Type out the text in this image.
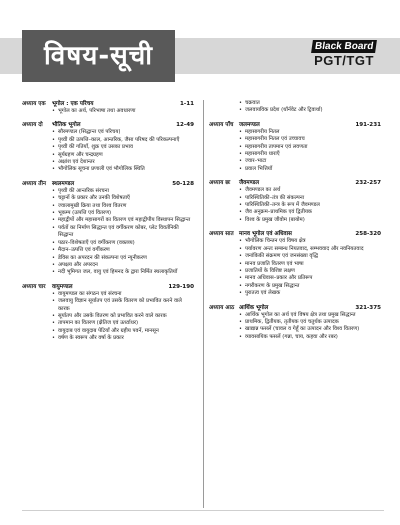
विषय-सूची	Black Board
PGT/TGT
अध्याय एक	भूगोल : एक परिचय	1-11
• भूगोल का अर्थ, परिभाषा तथा अवधारणा
अध्याय दो	भौतिक भूगोल	12-49
• सौरमण्डल (सिद्धान्त एवं परिचय)
• पृथ्वी की उत्पत्ति–काल, आन्तरिक, जैसा परिषद की परिकल्पनाएँ
• पृथ्वी की गतियाँ, शुक्र एवं उसका प्रभाव
• सूर्यग्रहण और चन्द्रग्रहण
• अक्षांश एवं देशान्तर
• भौगोलिक सूचना प्रणाली एवं भौगोलिक स्थिति
अध्याय तीन	स्थलमण्डल	50-128
• पृथ्वी की आन्तरिक संरचना
• चट्टानों के प्रकार और उनकी विशेषताएँ
• ज्वालामुखी क्रिया तथा विश्व वितरण
• भूकम्प (उत्पत्ति एवं वितरण)
• महाद्वीपों और महासागरों का वितरण एवं महाद्वीपीय विस्थापन सिद्धान्त
• पर्वतों का निर्माण सिद्धान्त एवं वर्गीकरण कोबर, प्लेट विवर्तनिकी सिद्धान्त
• पठार–विशेषताएँ एवं वर्गीकरण (वक्तव्य)
• मैदान–उत्पत्ति एवं वर्गीकरण
• डेविस का अपरदन की संकल्पना एवं न्यूनीकरण
• अपक्षय और अपरदन
• नदी भूमिगत जल, वायु एवं हिमनद के द्वारा निर्मित स्थलाकृतियाँ
अध्याय चार	वायुमण्डल	129-190
• वायुमण्डल का संगठन एवं संरचना
• जलवायु विज्ञान सूर्यातप एवं उसके वितरण को प्रभावित करने वाले कारक
• सूर्यातप और उसके वितरण को प्रभावित करने वाले कारक
• तापमान का वितरण (क्षैतिज एवं ऊर्ध्वाधर)
• वायुदाब एवं वायुदाब पेटियाँ और ग्रहीय पवनें, मानसून
• वर्षण के स्वरूप और वर्षा के प्रकार
• चक्रवात
• जलवायविक प्रदेश (थॉर्नवेट और ट्रिवार्था)
अध्याय पाँच जलमण्डल	191-231
• महासागरीय नितल
• महासागरीय नितल एवं उच्चावच
• महासागरीय तापमान एवं लवणता
• महासागरीय धाराएँ
• ज्वार–भाटा
• प्रवाल भित्तियाँ
अध्याय छः	जैवमण्डल	232-257
• जैवमण्डल का अर्थ
• पारिस्थितिकी–तंत्र की संकल्पना
• पारिस्थितिकी–तन्त्र के रूप में जैवमण्डल
• जैव अनुक्रम–प्राथमिक एवं द्वितीयक
• विश्व के प्रमुख जीवोम (बायोम)
अध्याय सात मानव भूगोल एवं अधिवास	258-320
• भौगोलिक चिन्तन एवं विषय क्षेत्र
• पर्यावरण अन्तः सम्बन्ध नियतवाद, सम्भववाद और नवनियतवाद
• जनांकिकी संक्रमण एवं जनसंख्या वृद्धि
• मानव प्रजाति वितरण एवं भाषा
• प्रजातियों के विशिष्ट लक्षण
• मानव अधिवास–प्रकार और प्रतिरूप
• नगरीकरण के प्रमुख सिद्धान्त
• पुरातत्व एवं लेखक
अध्याय आठ आर्थिक भूगोल	321-375
• आर्थिक भूगोल का अर्थ एवं विषय क्षेत्र तथा प्रमुख सिद्धान्त
• प्राथमिक, द्वितीयक, तृतीयक एवं चतुर्थक उत्पादक
• खाद्यान्न फसलें (चावल व गेहूँ का उत्पादन और विश्व वितरण)
• व्यावसायिक फसलें (गन्ना, चाय, कहवा और रबर)
